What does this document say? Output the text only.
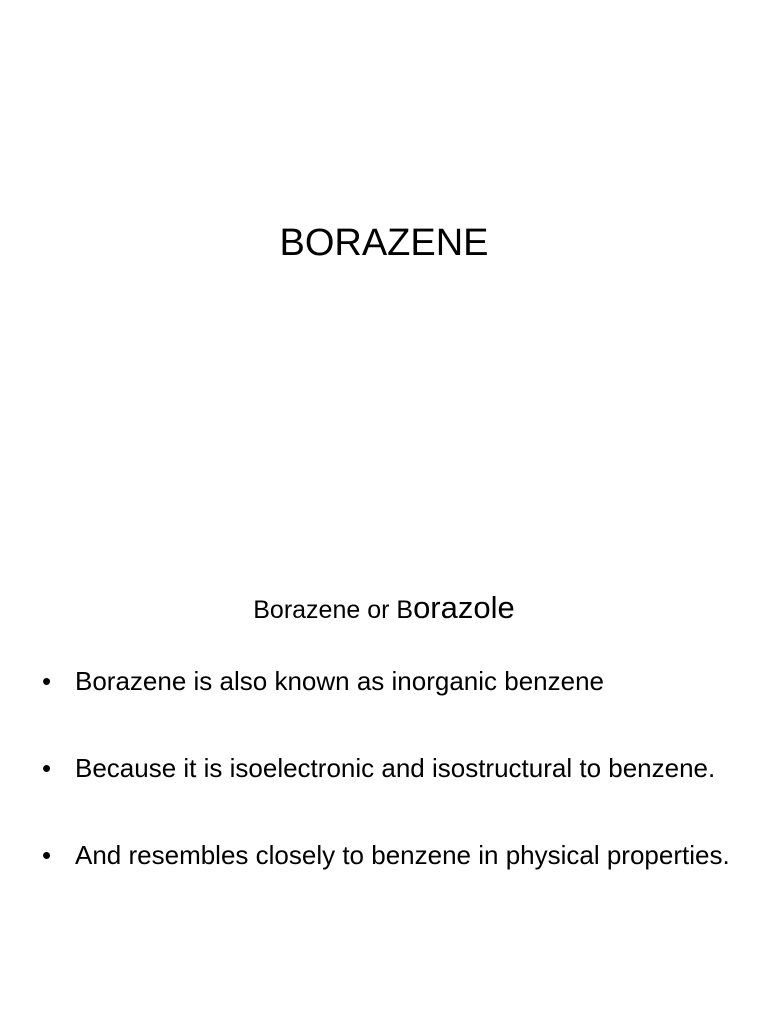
BORAZENE
Borazene or Borazole
• Borazene is also known as inorganic benzene
• Because it is isoelectronic and isostructural to benzene.
• And resembles closely to benzene in physical properties.
